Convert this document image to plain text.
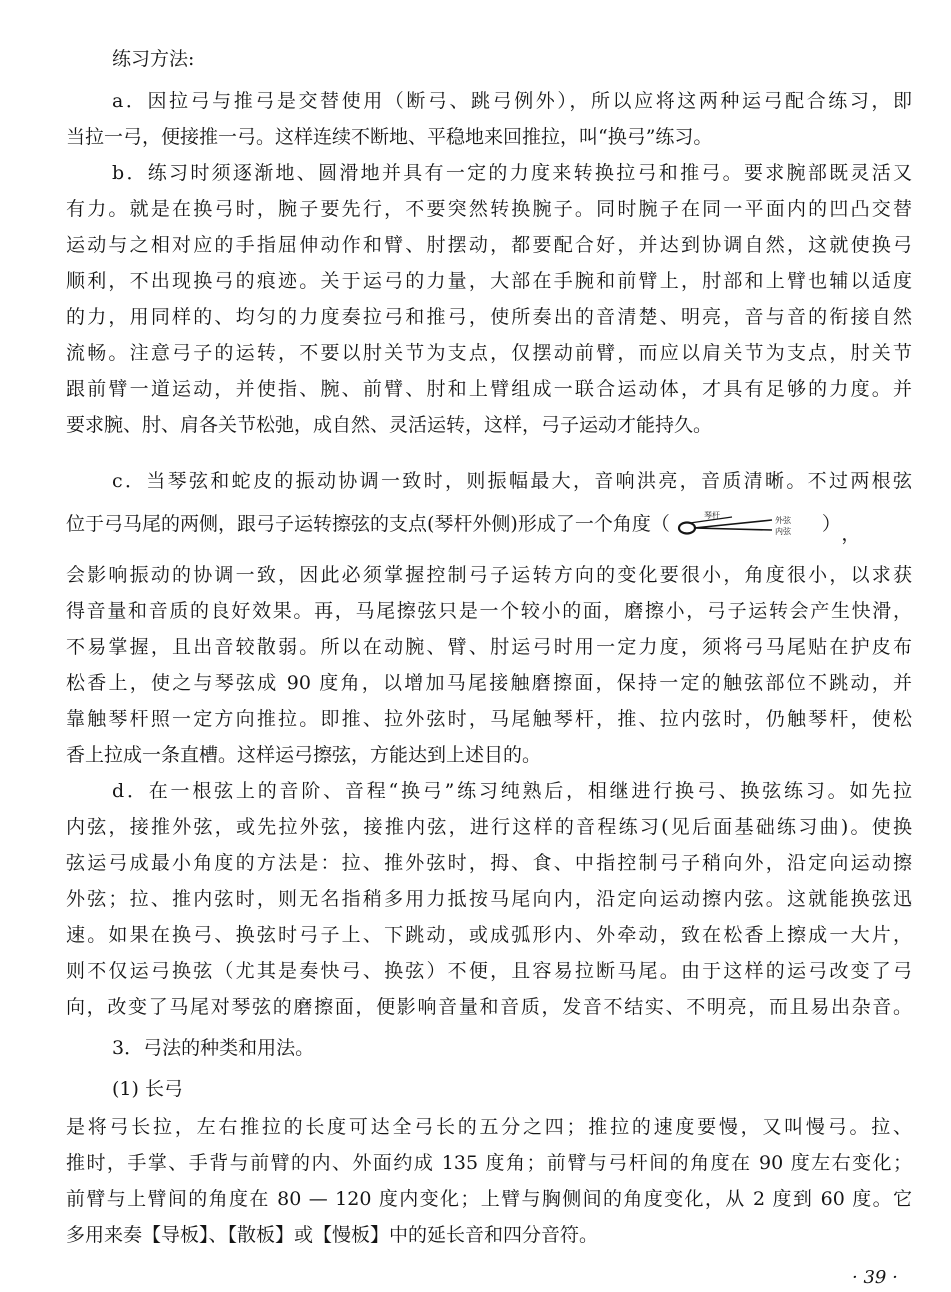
练习方法:

a．因拉弓与推弓是交替使用（断弓、跳弓例外），所以应将这两种运弓配合练习，即

当拉一弓，便接推一弓。这样连续不断地、平稳地来回推拉，叫“换弓”练习。

b．练习时须逐渐地、圆滑地并具有一定的力度来转换拉弓和推弓。要求腕部既灵活又

有力。就是在换弓时，腕子要先行，不要突然转换腕子。同时腕子在同一平面内的凹凸交替

运动与之相对应的手指屈伸动作和臂、肘摆动，都要配合好，并达到协调自然，这就使换弓

顺利，不出现换弓的痕迹。关于运弓的力量，大部在手腕和前臂上，肘部和上臂也辅以适度

的力，用同样的、均匀的力度奏拉弓和推弓，使所奏出的音清楚、明亮，音与音的衔接自然

流畅。注意弓子的运转，不要以肘关节为支点，仅摆动前臂，而应以肩关节为支点，肘关节

跟前臂一道运动，并使指、腕、前臂、肘和上臂组成一联合运动体，才具有足够的力度。并

要求腕、肘、肩各关节松弛，成自然、灵活运转，这样，弓子运动才能持久。

c．当琴弦和蛇皮的振动协调一致时，则振幅最大，音响洪亮，音质清晰。不过两根弦

位于弓马尾的两侧，跟弓子运转擦弦的支点(琴杆外侧)形成了一个角度（	琴杆
外弦
内弦 ） ，

会影响振动的协调一致，因此必须掌握控制弓子运转方向的变化要很小，角度很小，以求获

得音量和音质的良好效果。再，马尾擦弦只是一个较小的面，磨擦小，弓子运转会产生快滑，

不易掌握，且出音较散弱。所以在动腕、臂、肘运弓时用一定力度，须将弓马尾贴在护皮布

松香上，使之与琴弦成 90 度角，以增加马尾接触磨擦面，保持一定的触弦部位不跳动，并

靠触琴杆照一定方向推拉。即推、拉外弦时，马尾触琴杆，推、拉内弦时，仍触琴杆，使松

香上拉成一条直槽。这样运弓擦弦，方能达到上述目的。

d．在一根弦上的音阶、音程“换弓”练习纯熟后，相继进行换弓、换弦练习。如先拉

内弦，接推外弦，或先拉外弦，接推内弦，进行这样的音程练习(见后面基础练习曲)。使换

弦运弓成最小角度的方法是：拉、推外弦时，拇、食、中指控制弓子稍向外，沿定向运动擦

外弦；拉、推内弦时，则无名指稍多用力抵按马尾向内，沿定向运动擦内弦。这就能换弦迅

速。如果在换弓、换弦时弓子上、下跳动，或成弧形内、外牵动，致在松香上擦成一大片，

则不仅运弓换弦（尤其是奏快弓、换弦）不便，且容易拉断马尾。由于这样的运弓改变了弓

向，改变了马尾对琴弦的磨擦面，便影响音量和音质，发音不结实、不明亮，而且易出杂音。

3．弓法的种类和用法。

(1) 长弓

是将弓长拉，左右推拉的长度可达全弓长的五分之四；推拉的速度要慢，又叫慢弓。拉、

推时，手掌、手背与前臂的内、外面约成 135 度角；前臂与弓杆间的角度在 90 度左右变化；

前臂与上臂间的角度在 80 — 120 度内变化；上臂与胸侧间的角度变化，从 2 度到 60 度。它

多用来奏【导板】、【散板】或【慢板】中的延长音和四分音符。

· 39 ·
